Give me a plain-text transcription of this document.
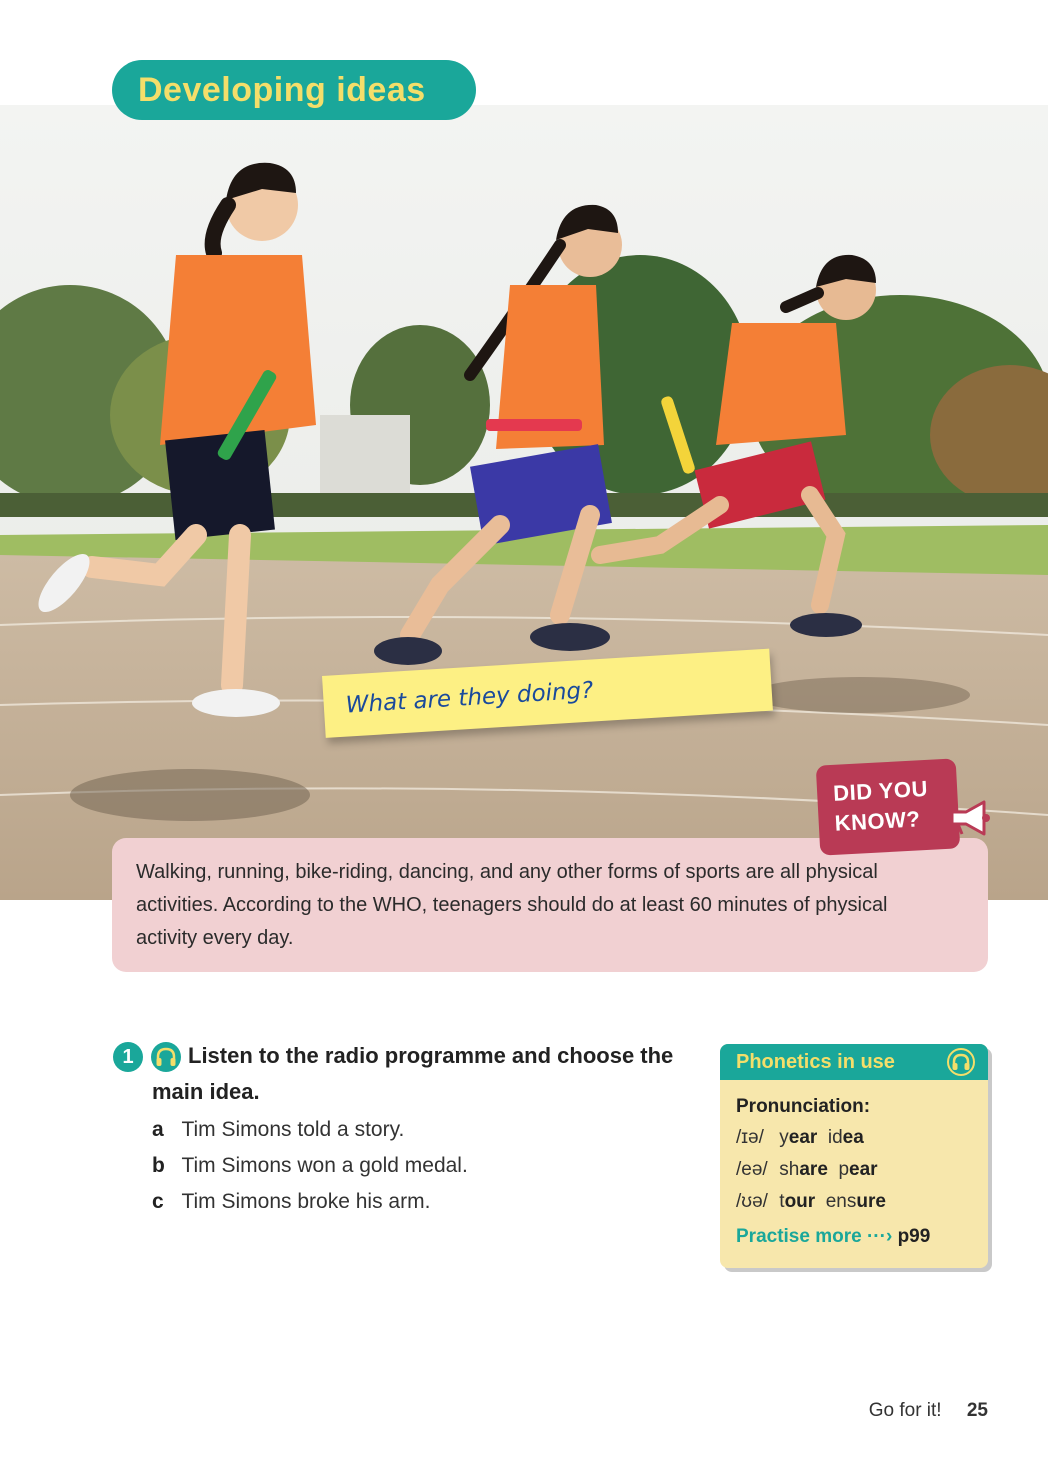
Developing ideas
What are they doing?
Walking, running, bike-riding, dancing, and any other forms of sports are all physical activities. According to the WHO, teenagers should do at least 60 minutes of physical activity every day.
DID YOU
KNOW?
1	Listen to the radio programme and choose the main idea.
a Tim Simons told a story.
b Tim Simons won a gold medal.
c Tim Simons broke his arm.
Phonetics in use
Pronunciation:
/ɪə/ year idea
/eə/ share pear
/ʊə/ tour ensure
Practise more ···› p99
Go for it! 25
